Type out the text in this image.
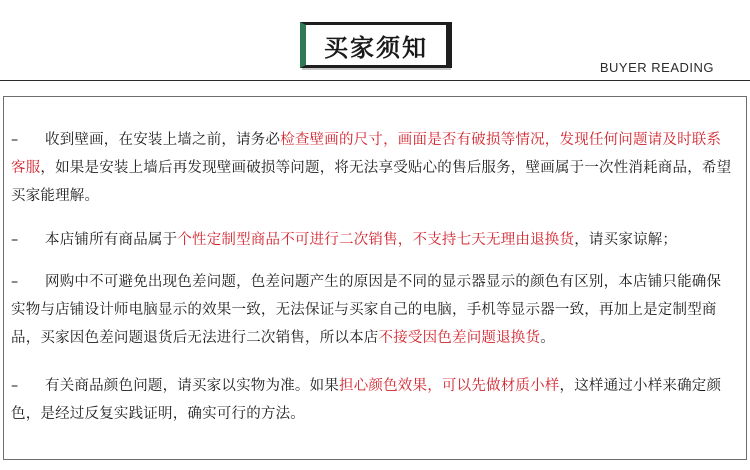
买家须知
BUYER READING

– 收到壁画，在安装上墙之前，请务必检查壁画的尺寸，画面是否有破损等情况，发现任何问题请及时联系客服，如果是安装上墙后再发现壁画破损等问题，将无法享受贴心的售后服务，壁画属于一次性消耗商品，希望买家能理解。

– 本店铺所有商品属于个性定制型商品不可进行二次销售，不支持七天无理由退换货，请买家谅解；

– 网购中不可避免出现色差问题，色差问题产生的原因是不同的显示器显示的颜色有区别，本店铺只能确保实物与店铺设计师电脑显示的效果一致，无法保证与买家自己的电脑，手机等显示器一致，再加上是定制型商品，买家因色差问题退货后无法进行二次销售，所以本店不接受因色差问题退换货。

– 有关商品颜色问题，请买家以实物为准。如果担心颜色效果，可以先做材质小样，这样通过小样来确定颜色，是经过反复实践证明，确实可行的方法。
